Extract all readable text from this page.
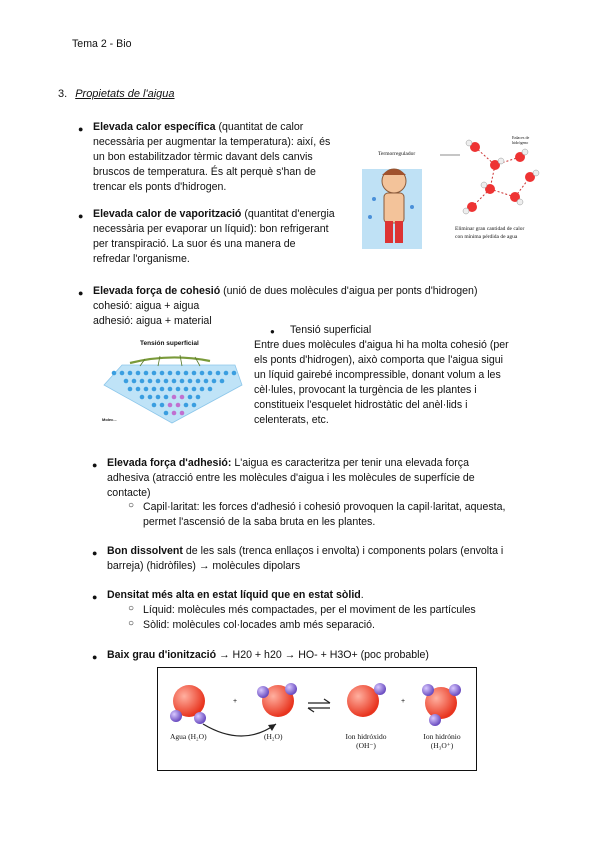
Tema 2 - Bio
3. Propietats de l'aigua
● Elevada calor específica (quantitat de calor
necessària per augmentar la temperatura): així, és
un bon estabilitzador tèrmic davant dels canvis
bruscos de temperatura. És alt perquè s'han de
trencar els ponts d'hidrogen.
● Elevada calor de vaporització (quantitat d'energia
necessària per evaporar un líquid): bon refrigerant
per transpiració. La suor és una manera de
refredar l'organisme.
Termorregulador
Enlaces de hidrógeno
Eliminar gran cantidad de calor
con mínima pérdida de agua
● Elevada força de cohesió (unió de dues molècules d'aigua per ponts d'hidrogen)
cohesió: aigua + aigua
adhesió: aigua + material
● Tensió superficial
Entre dues molècules d'aigua hi ha molta cohesió (per
els ponts d'hidrogen), això comporta que l'aigua sigui
un líquid gairebé incompressible, donant volum a les
cèl·lules, provocant la turgència de les plantes i
constitueix l'esquelet hidrostàtic del anèl·lids i
celenterats, etc.
Tensión superficial
Molec...
● Elevada força d'adhesió: L'aigua es caracteritza per tenir una elevada força
adhesiva (atracció entre les molècules d'aigua i les molècules de superfície de
contacte)
○ Capil·laritat: les forces d'adhesió i cohesió provoquen la capil·laritat, aquesta,
permet l'ascensió de la saba bruta en les plantes.
● Bon dissolvent de les sals (trenca enllaços i envolta) i components polars (envolta i
barreja) (hidròfiles) → molècules dipolars
● Densitat més alta en estat líquid que en estat sòlid.
○ Líquid: molècules més compactades, per el moviment de les partícules
○ Sòlid: molècules col·locades amb més separació.
● Baix grau d'ionització → H20 + h20 → HO- + H3O+ (poc probable)
+	+
Agua (H₂O)	(H₂O)	Ion hidróxido
(OH⁻)
Ion hidrónio
(H₃O⁺)
